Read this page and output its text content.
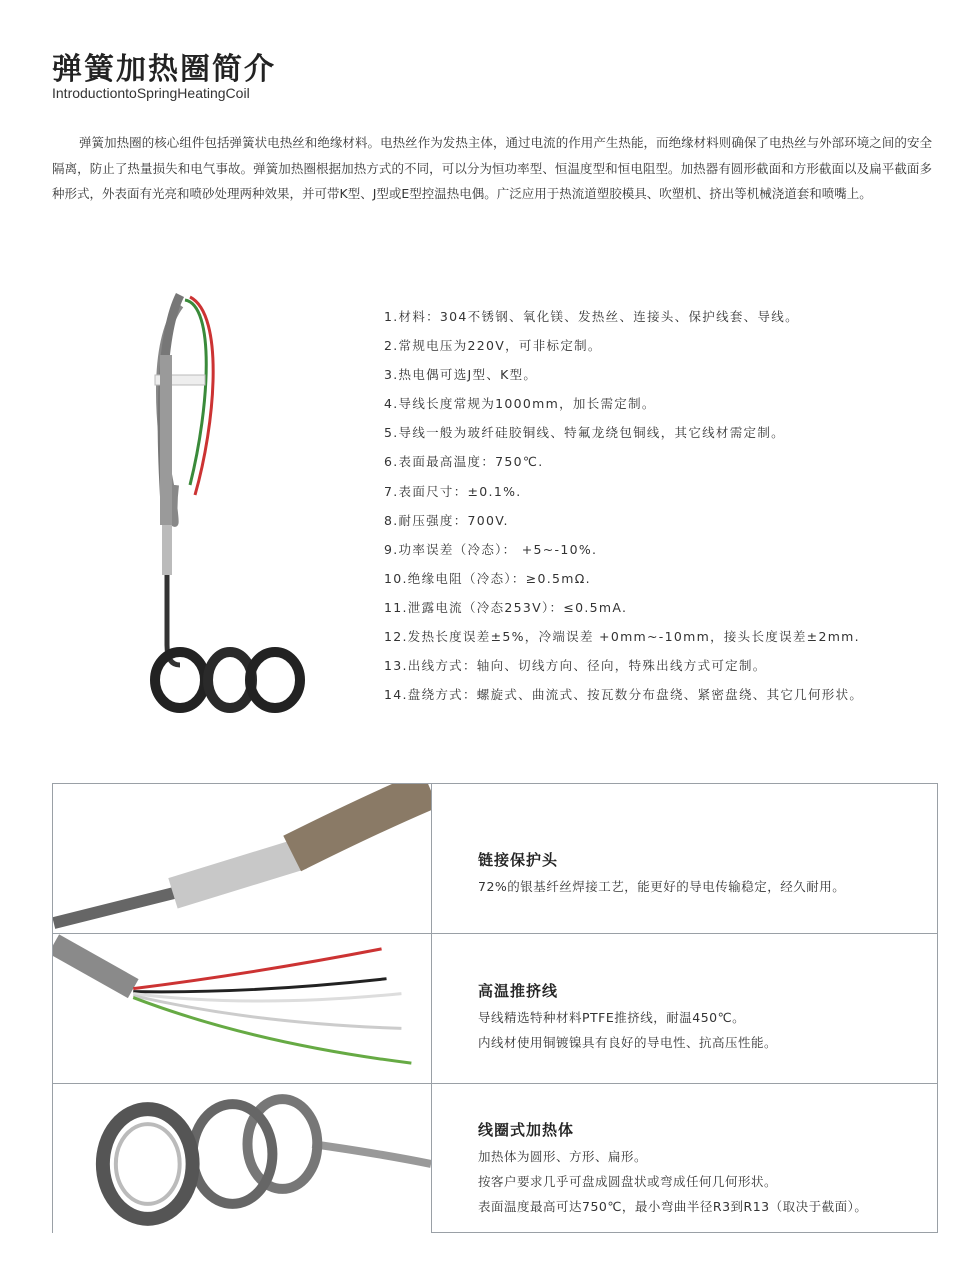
弹簧加热圈简介
IntroductiontoSpringHeatingCoil

弹簧加热圈的核心组件包括弹簧状电热丝和绝缘材料。电热丝作为发热主体，通过电流的作用产生热能，而绝缘材料则确保了电热丝与外部环境之间的安全隔离，防止了热量损失和电气事故。弹簧加热圈根据加热方式的不同，可以分为恒功率型、恒温度型和恒电阻型。加热器有圆形截面和方形截面以及扁平截面多种形式，外表面有光亮和喷砂处理两种效果，并可带K型、J型或E型控温热电偶。广泛应用于热流道塑胶模具、吹塑机、挤出等机械浇道套和喷嘴上。

1.材料：304不锈钢、氧化镁、发热丝、连接头、保护线套、导线。
2.常规电压为220V，可非标定制。
3.热电偶可选J型、K型。
4.导线长度常规为1000mm，加长需定制。
5.导线一般为玻纤硅胶铜线、特氟龙绕包铜线，其它线材需定制。
6.表面最高温度：750℃.
7.表面尺寸：±0.1%.
8.耐压强度：700V.
9.功率误差（冷态）： +5~-10%.
10.绝缘电阻（冷态）：≥0.5mΩ.
11.泄露电流（冷态253V）：≤0.5mA.
12.发热长度误差±5%，冷端误差 +0mm~-10mm，接头长度误差±2mm.
13.出线方式：轴向、切线方向、径向，特殊出线方式可定制。
14.盘绕方式：螺旋式、曲流式、按瓦数分布盘绕、紧密盘绕、其它几何形状。
链接保护头

72%的银基纤丝焊接工艺，能更好的导电传输稳定，经久耐用。

高温推挤线

导线精选特种材料PTFE推挤线，耐温450℃。

内线材使用铜镀镍具有良好的导电性、抗高压性能。

线圈式加热体

加热体为圆形、方形、扁形。

按客户要求几乎可盘成圆盘状或弯成任何几何形状。

表面温度最高可达750℃，最小弯曲半径R3到R13（取决于截面）。
